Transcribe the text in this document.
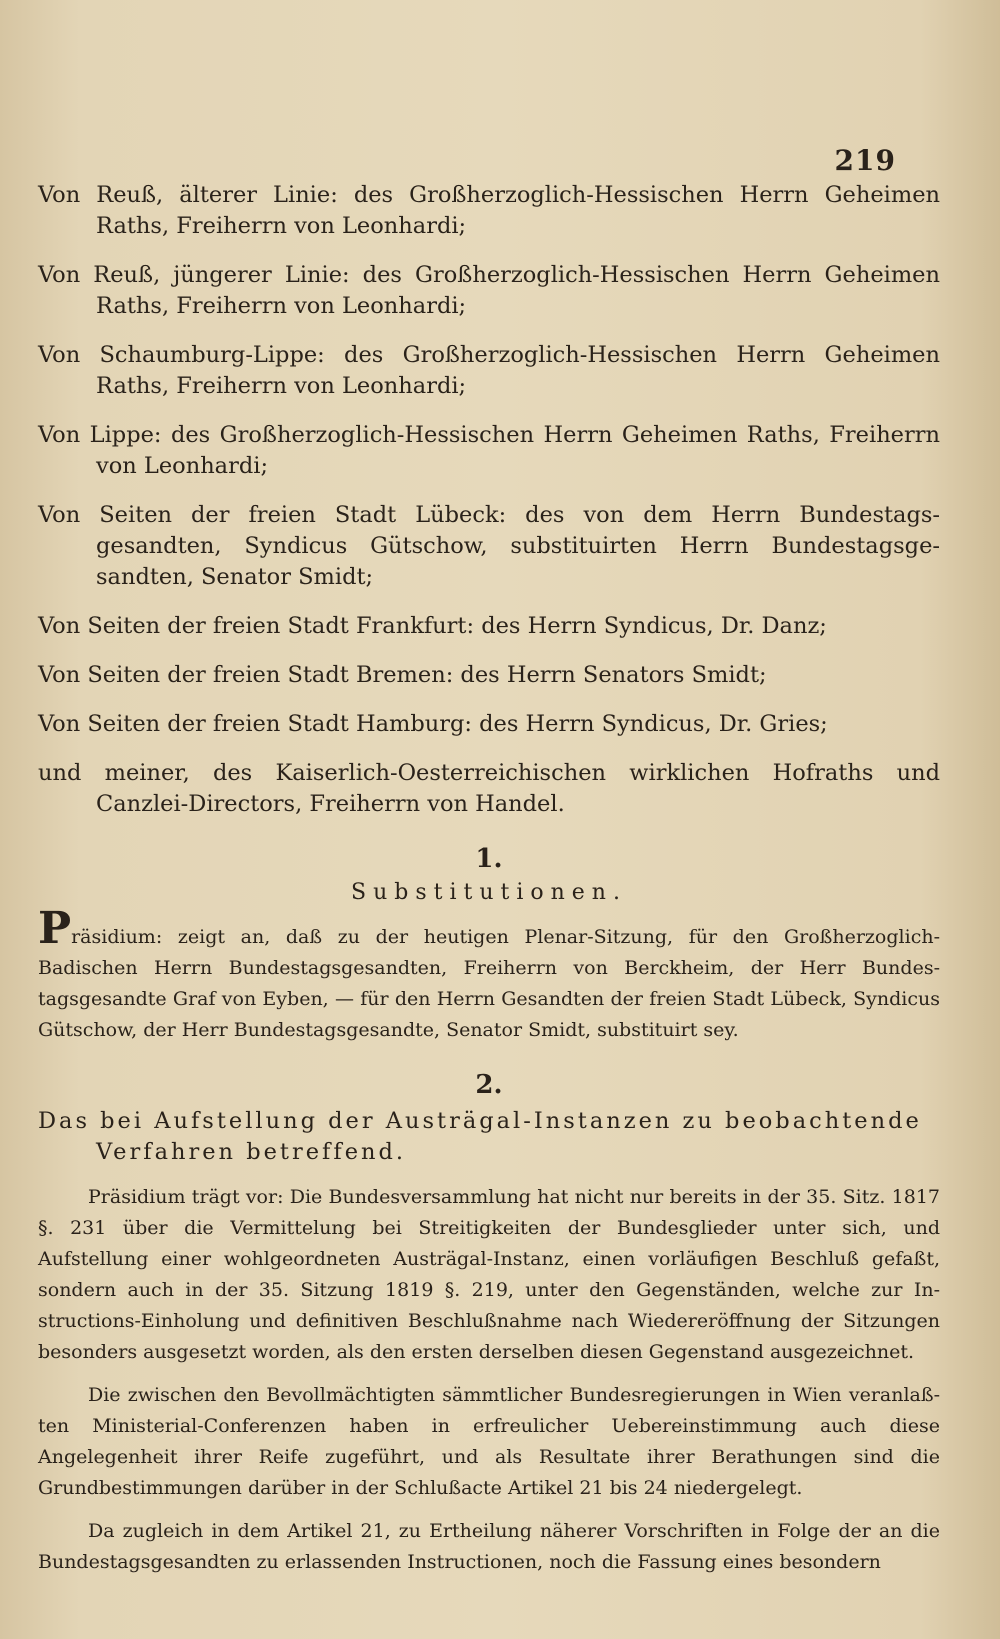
219

Von Reuß, älterer Linie: des Großherzoglich-Hessischen Herrn Geheimen Raths, Freiherrn von Leonhardi;

Von Reuß, jüngerer Linie: des Großherzoglich-Hessischen Herrn Geheimen Raths, Freiherrn von Leonhardi;

Von Schaumburg-Lippe: des Großherzoglich-Hessischen Herrn Geheimen Raths, Freiherrn von Leonhardi;

Von Lippe: des Großherzoglich-Hessischen Herrn Geheimen Raths, Freiherrn von Leonhardi;

Von Seiten der freien Stadt Lübeck: des von dem Herrn Bundestags-gesandten, Syndicus Gütschow, substituirten Herrn Bundestagsge-sandten, Senator Smidt;

Von Seiten der freien Stadt Frankfurt: des Herrn Syndicus, Dr. Danz;

Von Seiten der freien Stadt Bremen: des Herrn Senators Smidt;

Von Seiten der freien Stadt Hamburg: des Herrn Syndicus, Dr. Gries;

und meiner, des Kaiserlich-Oesterreichischen wirklichen Hofraths und Canzlei-Directors, Freiherrn von Handel.

1.
Substitutionen.

Präsidium: zeigt an, daß zu der heutigen Plenar-Sitzung, für den Großherzoglich-Badischen Herrn Bundestagsgesandten, Freiherrn von Berckheim, der Herr Bundes-tagsgesandte Graf von Eyben, — für den Herrn Gesandten der freien Stadt Lübeck, Syndicus Gütschow, der Herr Bundestagsgesandte, Senator Smidt, substituirt sey.

2.

Das bei Aufstellung der Austrägal-Instanzen zu beobachtende Verfahren betreffend.

Präsidium trägt vor: Die Bundesversammlung hat nicht nur bereits in der 35. Sitz. 1817 §. 231 über die Vermittelung bei Streitigkeiten der Bundesglieder unter sich, und Aufstellung einer wohlgeordneten Austrägal-Instanz, einen vorläufigen Beschluß gefaßt, sondern auch in der 35. Sitzung 1819 §. 219, unter den Gegenständen, welche zur In-structions-Einholung und definitiven Beschlußnahme nach Wiedereröffnung der Sitzungen besonders ausgesetzt worden, als den ersten derselben diesen Gegenstand ausgezeichnet.

Die zwischen den Bevollmächtigten sämmtlicher Bundesregierungen in Wien veranlaß-ten Ministerial-Conferenzen haben in erfreulicher Uebereinstimmung auch diese Angelegenheit ihrer Reife zugeführt, und als Resultate ihrer Berathungen sind die Grundbestimmungen darüber in der Schlußacte Artikel 21 bis 24 niedergelegt.

Da zugleich in dem Artikel 21, zu Ertheilung näherer Vorschriften in Folge der an die Bundestagsgesandten zu erlassenden Instructionen, noch die Fassung eines besondern
